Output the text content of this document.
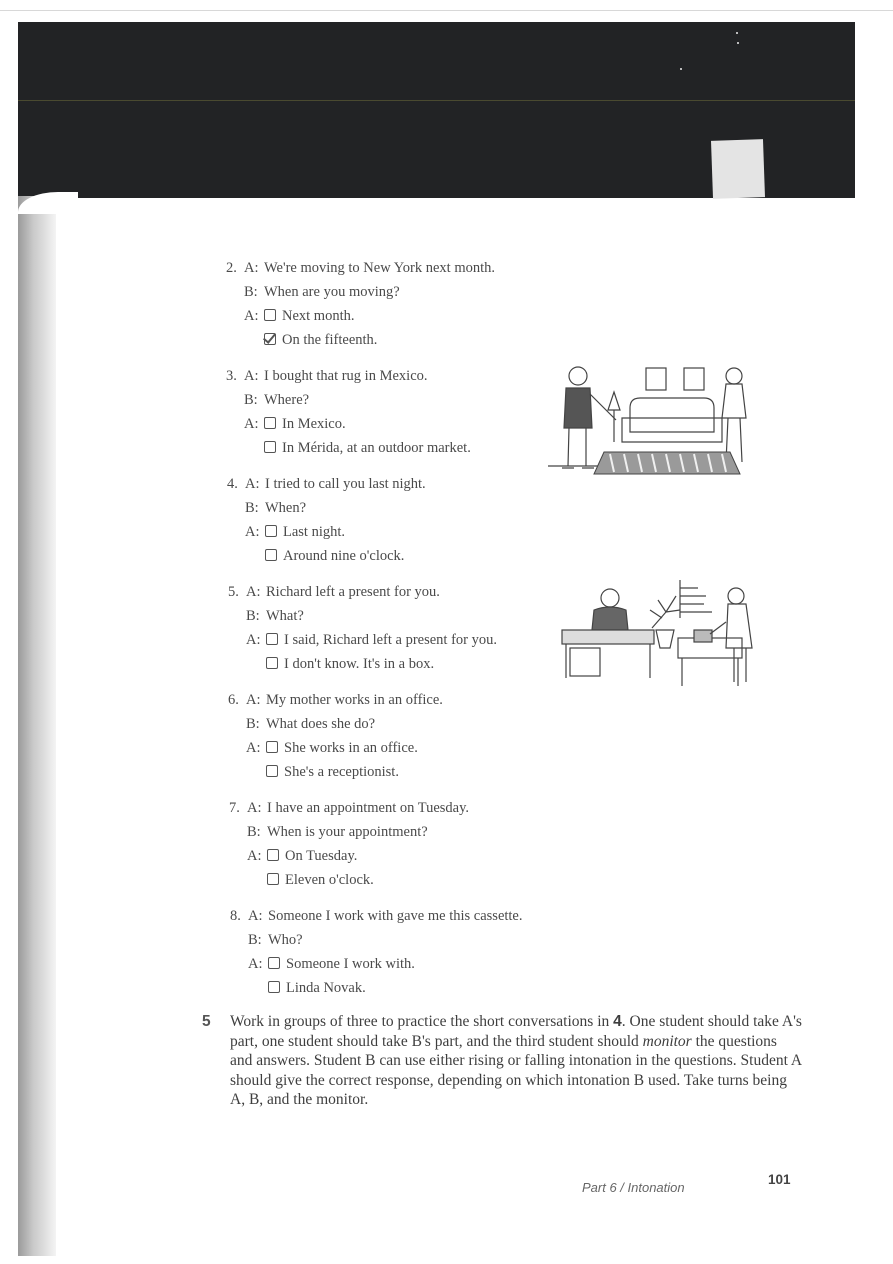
2. A: We're moving to New York next month.
B: When are you moving?
A: Next month.
On the fifteenth.
3. A: I bought that rug in Mexico.
B: Where?
A: In Mexico.
In Mérida, at an outdoor market.
4. A: I tried to call you last night.
B: When?
A: Last night.
Around nine o'clock.
5. A: Richard left a present for you.
B: What?
A: I said, Richard left a present for you.
I don't know. It's in a box.
6. A: My mother works in an office.
B: What does she do?
A: She works in an office.
She's a receptionist.
7. A: I have an appointment on Tuesday.
B: When is your appointment?
A: On Tuesday.
Eleven o'clock.
8. A: Someone I work with gave me this cassette.
B: Who?
A: Someone I work with.
Linda Novak.
5 Work in groups of three to practice the short conversations in 4. One student should take A's part, one student should take B's part, and the third student should monitor the questions and answers. Student B can use either rising or falling intonation in the questions. Student A should give the correct response, depending on which intonation B used. Take turns being A, B, and the monitor.
Part 6 / Intonation
101
